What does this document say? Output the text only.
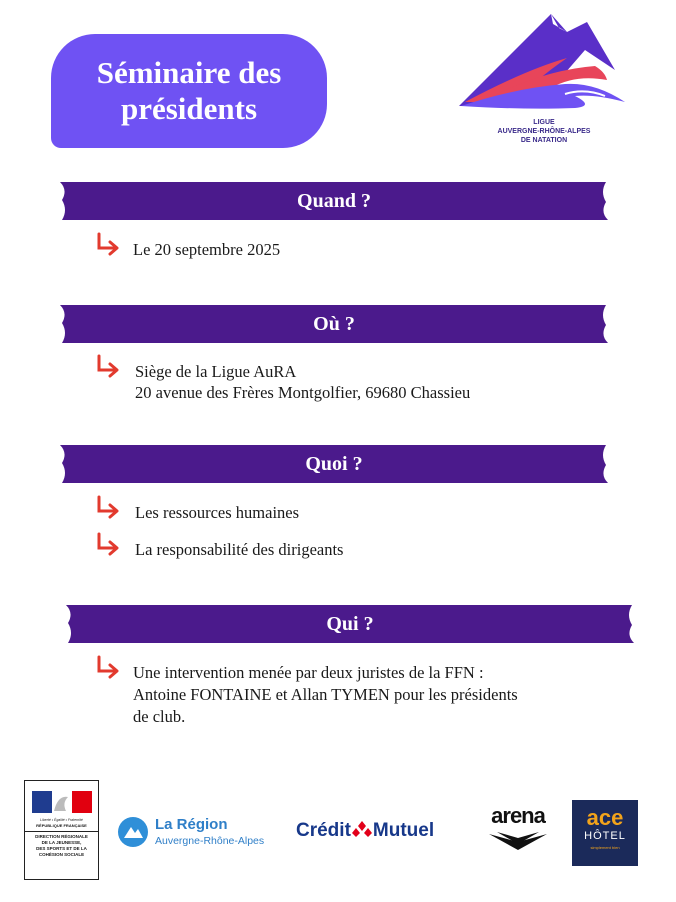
Séminaire des
présidents	LIGUE
AUVERGNE-RHÔNE-ALPES
DE NATATION
Quand ?
Le 20 septembre 2025
Où ?
Siège de la Ligue AuRA
20 avenue des Frères Montgolfier, 69680 Chassieu
Quoi ?
Les ressources humaines
La responsabilité des dirigeants
Qui ?
Une intervention menée par deux juristes de la FFN :
Antoine FONTAINE et Allan TYMEN pour les présidents
de club.
Liberté • Égalité • Fraternité
RÉPUBLIQUE FRANÇAISE
DIRECTION RÉGIONALE
DE LA JEUNESSE,
DES SPORTS ET DE LA
COHÉSION SOCIALE
La Région
Auvergne-Rhône-Alpes Crédit Mutuel
arena	ace
HÔTEL
simplement bien
